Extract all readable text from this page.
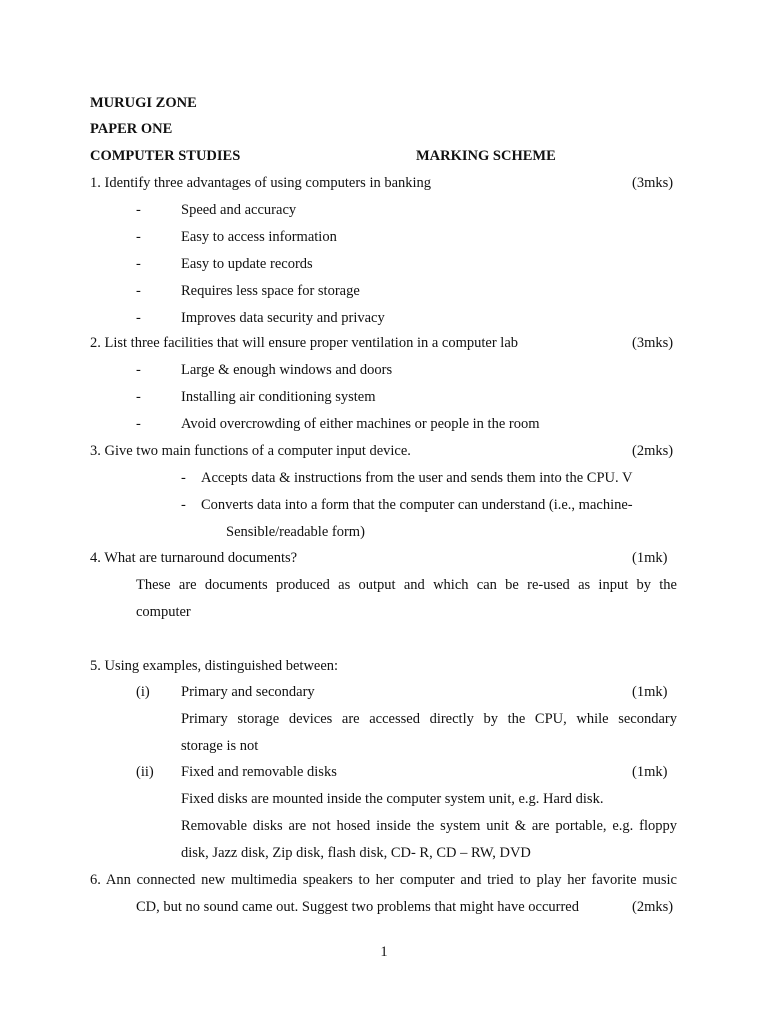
MURUGI ZONE
PAPER ONE
COMPUTER STUDIES	MARKING SCHEME
1. Identify three advantages of using computers in banking	(3mks)
-	Speed and accuracy
-	Easy to access information
-	Easy to update records
-	Requires less space for storage
-	Improves data security and privacy
2. List three facilities that will ensure proper ventilation in a computer lab	(3mks)
-	Large & enough windows and doors
-	Installing air conditioning system
-	Avoid overcrowding of either machines or people in the room
3. Give two main functions of a computer input device.	(2mks)
- Accepts data & instructions from the user and sends them into the CPU. V
- Converts data into a form that the computer can understand (i.e., machine-
Sensible/readable form)
4. What are turnaround documents?	(1mk)
These are documents produced as output and which can be re-used as input by the
computer
5. Using examples, distinguished between:
(i) Primary and secondary	(1mk)
Primary storage devices are accessed directly by the CPU, while secondary
storage is not
(ii) Fixed and removable disks	(1mk)
Fixed disks are mounted inside the computer system unit, e.g. Hard disk.
Removable disks are not hosed inside the system unit & are portable, e.g. floppy
disk, Jazz disk, Zip disk, flash disk, CD- R, CD – RW, DVD
6. Ann connected new multimedia speakers to her computer and tried to play her favorite music
CD, but no sound came out. Suggest two problems that might have occurred	(2mks)
1
